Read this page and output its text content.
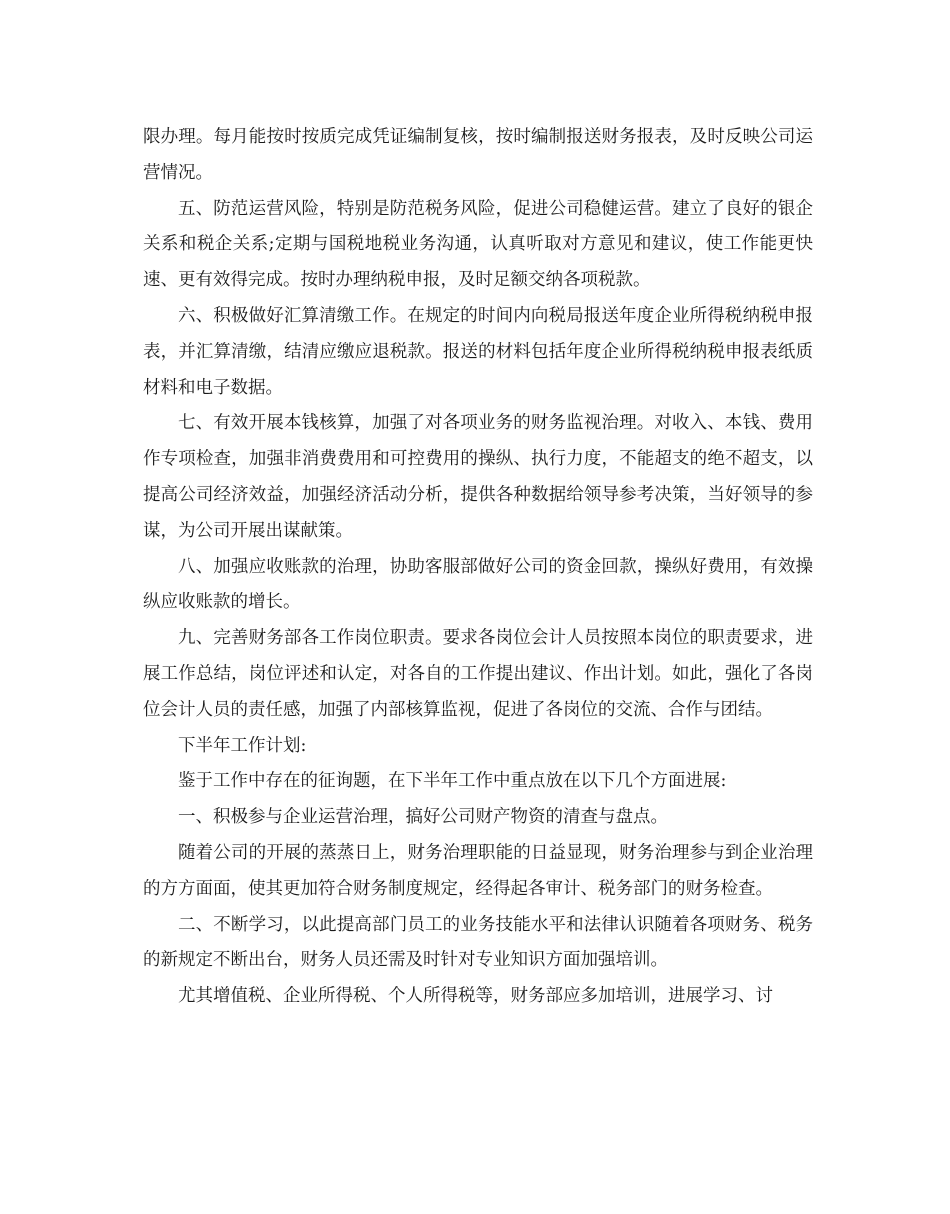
限办理。每月能按时按质完成凭证编制复核，按时编制报送财务报表，及时反映公司运营情况。

五、防范运营风险，特别是防范税务风险，促进公司稳健运营。建立了良好的银企关系和税企关系;定期与国税地税业务沟通，认真听取对方意见和建议，使工作能更快速、更有效得完成。按时办理纳税申报，及时足额交纳各项税款。

六、积极做好汇算清缴工作。在规定的时间内向税局报送年度企业所得税纳税申报表，并汇算清缴，结清应缴应退税款。报送的材料包括年度企业所得税纳税申报表纸质材料和电子数据。

七、有效开展本钱核算，加强了对各项业务的财务监视治理。对收入、本钱、费用作专项检查，加强非消费费用和可控费用的操纵、执行力度，不能超支的绝不超支，以提高公司经济效益，加强经济活动分析，提供各种数据给领导参考决策，当好领导的参谋，为公司开展出谋献策。

八、加强应收账款的治理，协助客服部做好公司的资金回款，操纵好费用，有效操纵应收账款的增长。

九、完善财务部各工作岗位职责。要求各岗位会计人员按照本岗位的职责要求，进展工作总结，岗位评述和认定，对各自的工作提出建议、作出计划。如此，强化了各岗位会计人员的责任感，加强了内部核算监视，促进了各岗位的交流、合作与团结。

下半年工作计划:

鉴于工作中存在的征询题，在下半年工作中重点放在以下几个方面进展:

一、积极参与企业运营治理，搞好公司财产物资的清查与盘点。

随着公司的开展的蒸蒸日上，财务治理职能的日益显现，财务治理参与到企业治理的方方面面，使其更加符合财务制度规定，经得起各审计、税务部门的财务检查。

二、不断学习，以此提高部门员工的业务技能水平和法律认识随着各项财务、税务的新规定不断出台，财务人员还需及时针对专业知识方面加强培训。

尤其增值税、企业所得税、个人所得税等，财务部应多加培训，进展学习、讨
